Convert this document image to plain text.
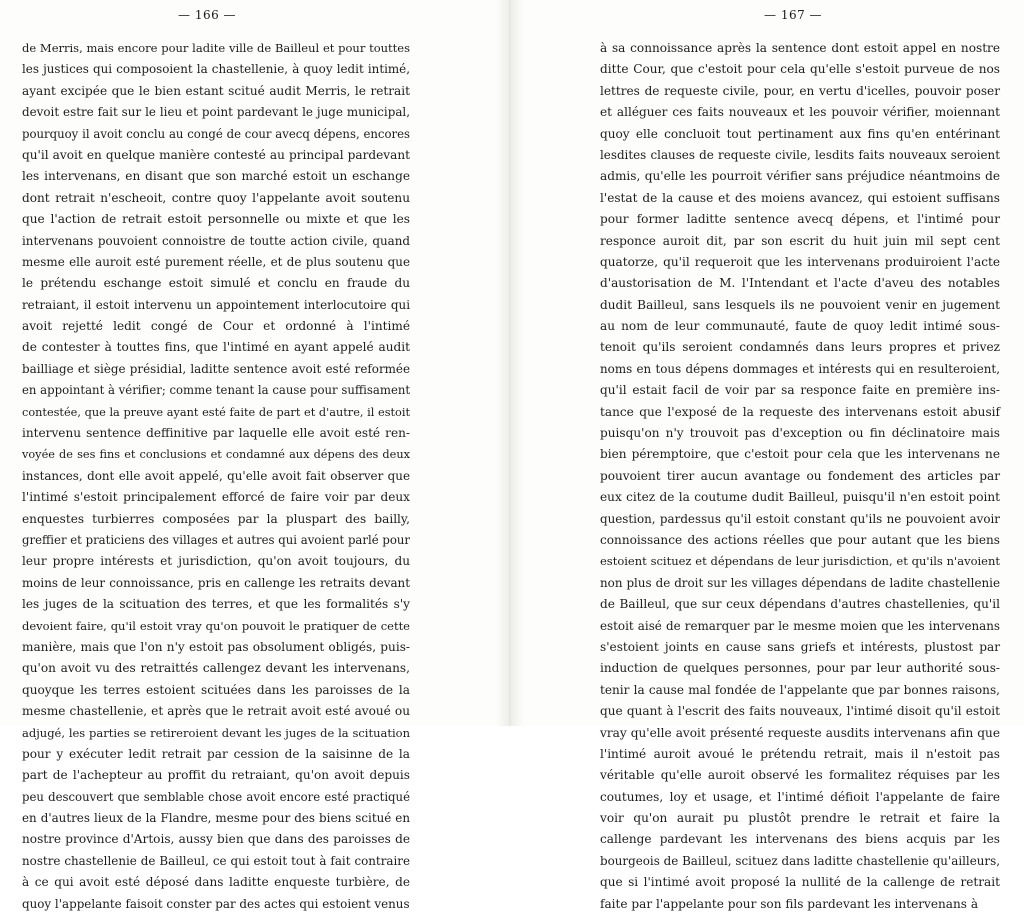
— 166 —
de Merris, mais encore pour ladite ville de Bailleul et pour touttes
les justices qui composoient la chastellenie, à quoy ledit intimé,
ayant excipée que le bien estant scitué audit Merris, le retrait
devoit estre fait sur le lieu et point pardevant le juge municipal,
pourquoy il avoit conclu au congé de cour avecq dépens, encores
qu'il avoit en quelque manière contesté au principal pardevant
les intervenans, en disant que son marché estoit un eschange
dont retrait n'escheoit, contre quoy l'appelante avoit soutenu
que l'action de retrait estoit personnelle ou mixte et que les
intervenans pouvoient connoistre de toutte action civile, quand
mesme elle auroit esté purement réelle, et de plus soutenu que
le prétendu eschange estoit simulé et conclu en fraude du
retraiant, il estoit intervenu un appointement interlocutoire qui
avoit rejetté ledit congé de Cour et ordonné à l'intimé
de contester à touttes fins, que l'intimé en ayant appelé audit
bailliage et siège présidial, laditte sentence avoit esté reformée
en appointant à vérifier; comme tenant la cause pour suffisament
contestée, que la preuve ayant esté faite de part et d'autre, il estoit
intervenu sentence deffinitive par laquelle elle avoit esté ren-
voyée de ses fins et conclusions et condamné aux dépens des deux
instances, dont elle avoit appelé, qu'elle avoit fait observer que
l'intimé s'estoit principalement efforcé de faire voir par deux
enquestes turbierres composées par la pluspart des bailly,
greffier et praticiens des villages et autres qui avoient parlé pour
leur propre intérests et jurisdiction, qu'on avoit toujours, du
moins de leur connoissance, pris en callenge les retraits devant
les juges de la scituation des terres, et que les formalités s'y
devoient faire, qu'il estoit vray qu'on pouvoit le pratiquer de cette
manière, mais que l'on n'y estoit pas obsolument obligés, puis-
qu'on avoit vu des retraittés callengez devant les intervenans,
quoyque les terres estoient scituées dans les paroisses de la
mesme chastellenie, et après que le retrait avoit esté avoué ou
adjugé, les parties se retireroient devant les juges de la scituation
pour y exécuter ledit retrait par cession de la saisinne de la
part de l'achepteur au proffit du retraiant, qu'on avoit depuis
peu descouvert que semblable chose avoit encore esté practiqué
en d'autres lieux de la Flandre, mesme pour des biens scitué en
nostre province d'Artois, aussy bien que dans des paroisses de
nostre chastellenie de Bailleul, ce qui estoit tout à fait contraire
à ce qui avoit esté déposé dans laditte enqueste turbière, de
quoy l'appelante faisoit conster par des actes qui estoient venus
— 167 —
à sa connoissance après la sentence dont estoit appel en nostre
ditte Cour, que c'estoit pour cela qu'elle s'estoit purveue de nos
lettres de requeste civile, pour, en vertu d'icelles, pouvoir poser
et alléguer ces faits nouveaux et les pouvoir vérifier, moiennant
quoy elle concluoit tout pertinament aux fins qu'en entérinant
lesdites clauses de requeste civile, lesdits faits nouveaux seroient
admis, qu'elle les pourroit vérifier sans préjudice néantmoins de
l'estat de la cause et des moiens avancez, qui estoient suffisans
pour former laditte sentence avecq dépens, et l'intimé pour
responce auroit dit, par son escrit du huit juin mil sept cent
quatorze, qu'il requeroit que les intervenans produiroient l'acte
d'austorisation de M. l'Intendant et l'acte d'aveu des notables
dudit Bailleul, sans lesquels ils ne pouvoient venir en jugement
au nom de leur communauté, faute de quoy ledit intimé sous-
tenoit qu'ils seroient condamnés dans leurs propres et privez
noms en tous dépens dommages et intérests qui en resulteroient,
qu'il estait facil de voir par sa responce faite en première ins-
tance que l'exposé de la requeste des intervenans estoit abusif
puisqu'on n'y trouvoit pas d'exception ou fin déclinatoire mais
bien péremptoire, que c'estoit pour cela que les intervenans ne
pouvoient tirer aucun avantage ou fondement des articles par
eux citez de la coutume dudit Bailleul, puisqu'il n'en estoit point
question, pardessus qu'il estoit constant qu'ils ne pouvoient avoir
connoissance des actions réelles que pour autant que les biens
estoient scituez et dépendans de leur jurisdiction, et qu'ils n'avoient
non plus de droit sur les villages dépendans de ladite chastellenie
de Bailleul, que sur ceux dépendans d'autres chastellenies, qu'il
estoit aisé de remarquer par le mesme moien que les intervenans
s'estoient joints en cause sans griefs et intérests, plustost par
induction de quelques personnes, pour par leur authorité sous-
tenir la cause mal fondée de l'appelante que par bonnes raisons,
que quant à l'escrit des faits nouveaux, l'intimé disoit qu'il estoit
vray qu'elle avoit présenté requeste ausdits intervenans afin que
l'intimé auroit avoué le prétendu retrait, mais il n'estoit pas
véritable qu'elle auroit observé les formalitez réquises par les
coutumes, loy et usage, et l'intimé défioit l'appelante de faire
voir qu'on aurait pu plustôt prendre le retrait et faire la
callenge pardevant les intervenans des biens acquis par les
bourgeois de Bailleul, scituez dans laditte chastellenie qu'ailleurs,
que si l'intimé avoit proposé la nullité de la callenge de retrait
faite par l'appelante pour son fils pardevant les intervenans à
